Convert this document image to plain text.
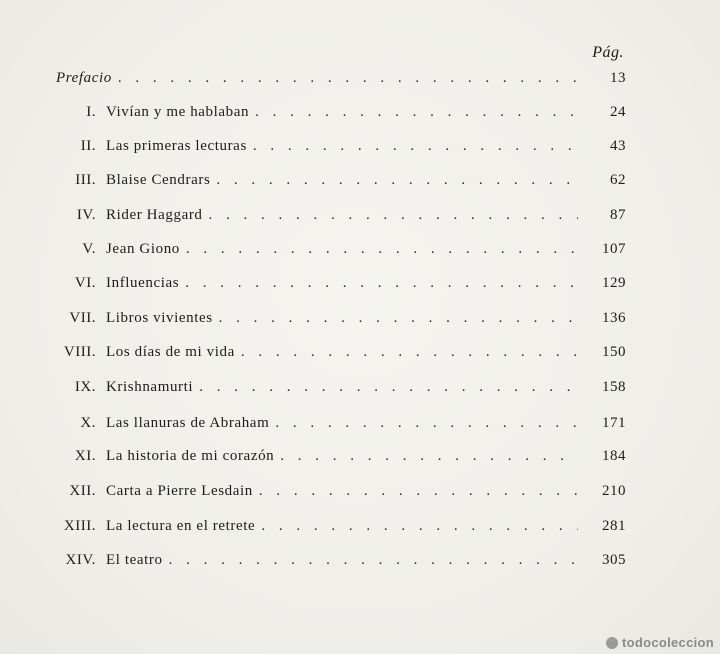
Pág.
Prefacio . . .	13
I. Vivían y me hablaban . . .	24
II. Las primeras lecturas . . .	43
III. Blaise Cendrars . . .	62
IV. Rider Haggard . . .	87
V. Jean Giono . . .	107
VI. Influencias . . .	129
VII. Libros vivientes . . .	136
VIII. Los días de mi vida . . .	150
IX. Krishnamurti . . .	158
X. Las llanuras de Abraham . . .	171
XI. La historia de mi corazón . . .	184
XII. Carta a Pierre Lesdain . . .	210
XIII. La lectura en el retrete . . .	281
XIV. El teatro . . .	305
todocoleccion
